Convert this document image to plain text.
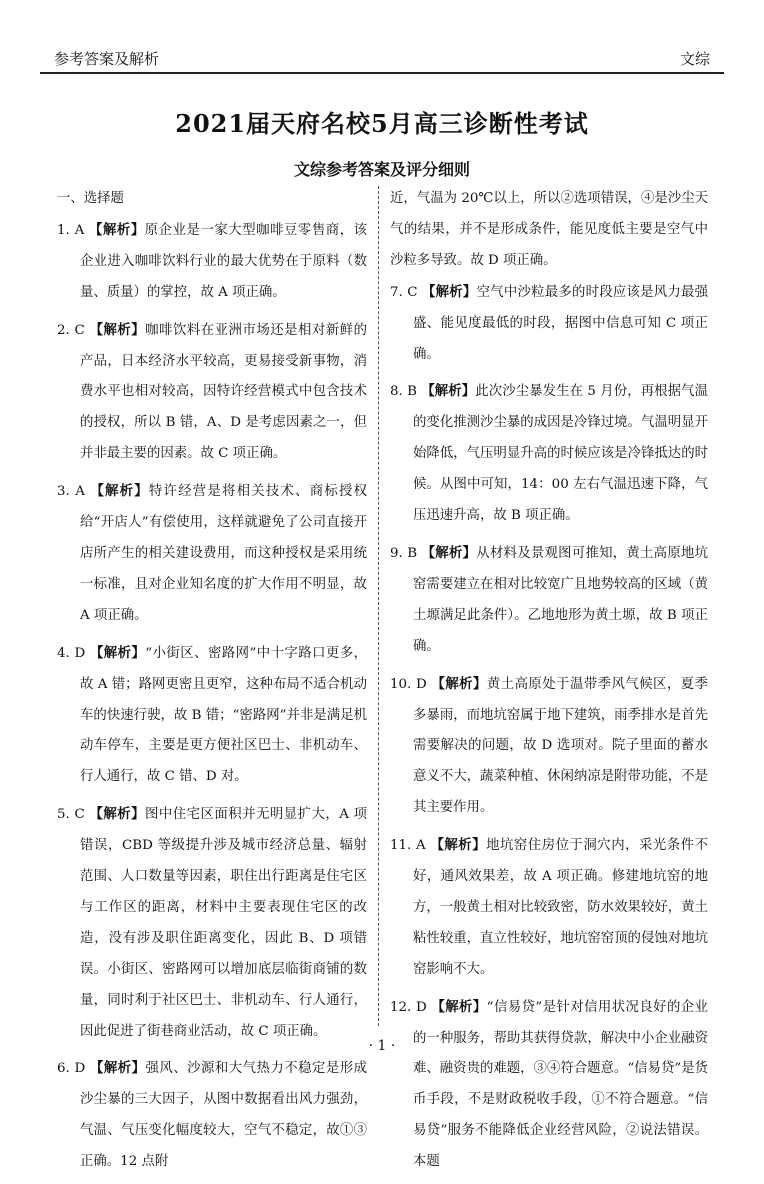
参考答案及解析	文综
2021届天府名校5月高三诊断性考试
文综参考答案及评分细则
一、选择题

1. A 【解析】原企业是一家大型咖啡豆零售商，该企业进入咖啡饮料行业的最大优势在于原料（数量、质量）的掌控，故 A 项正确。

2. C 【解析】咖啡饮料在亚洲市场还是相对新鲜的产品，日本经济水平较高，更易接受新事物，消费水平也相对较高，因特许经营模式中包含技术的授权，所以 B 错，A、D 是考虑因素之一，但并非最主要的因素。故 C 项正确。

3. A 【解析】特许经营是将相关技术、商标授权给“开店人”有偿使用，这样就避免了公司直接开店所产生的相关建设费用，而这种授权是采用统一标准，且对企业知名度的扩大作用不明显，故 A 项正确。

4. D 【解析】“小街区、密路网”中十字路口更多，故 A 错；路网更密且更窄，这种布局不适合机动车的快速行驶，故 B 错；“密路网”并非是满足机动车停车，主要是更方便社区巴士、非机动车、行人通行，故 C 错、D 对。

5. C 【解析】图中住宅区面积并无明显扩大，A 项错误，CBD 等级提升涉及城市经济总量、辐射范围、人口数量等因素，职住出行距离是住宅区与工作区的距离，材料中主要表现住宅区的改造，没有涉及职住距离变化，因此 B、D 项错误。小街区、密路网可以增加底层临街商铺的数量，同时利于社区巴士、非机动车、行人通行，因此促进了街巷商业活动，故 C 项正确。

6. D 【解析】强风、沙源和大气热力不稳定是形成沙尘暴的三大因子，从图中数据看出风力强劲，气温、气压变化幅度较大，空气不稳定，故①③正确。12 点附

近，气温为 20℃以上，所以②选项错误，④是沙尘天气的结果，并不是形成条件，能见度低主要是空气中沙粒多导致。故 D 项正确。

7. C 【解析】空气中沙粒最多的时段应该是风力最强盛、能见度最低的时段，据图中信息可知 C 项正确。

8. B 【解析】此次沙尘暴发生在 5 月份，再根据气温的变化推测沙尘暴的成因是冷锋过境。气温明显开始降低，气压明显升高的时候应该是冷锋抵达的时候。从图中可知，14：00 左右气温迅速下降，气压迅速升高，故 B 项正确。

9. B 【解析】从材料及景观图可推知，黄土高原地坑窑需要建立在相对比较宽广且地势较高的区域（黄土塬满足此条件）。乙地地形为黄土塬，故 B 项正确。

10. D 【解析】黄土高原处于温带季风气候区，夏季多暴雨，而地坑窑属于地下建筑，雨季排水是首先需要解决的问题，故 D 选项对。院子里面的蓄水意义不大，蔬菜种植、休闲纳凉是附带功能，不是其主要作用。

11. A 【解析】地坑窑住房位于洞穴内，采光条件不好，通风效果差，故 A 项正确。修建地坑窑的地方，一般黄土相对比较致密，防水效果较好，黄土粘性较重，直立性较好，地坑窑窑顶的侵蚀对地坑窑影响不大。

12. D 【解析】“信易贷”是针对信用状况良好的企业的一种服务，帮助其获得贷款，解决中小企业融资难、融资贵的难题，③④符合题意。“信易贷”是货币手段，不是财政税收手段，①不符合题意。“信易贷”服务不能降低企业经营风险，②说法错误。本题

· 1 ·
